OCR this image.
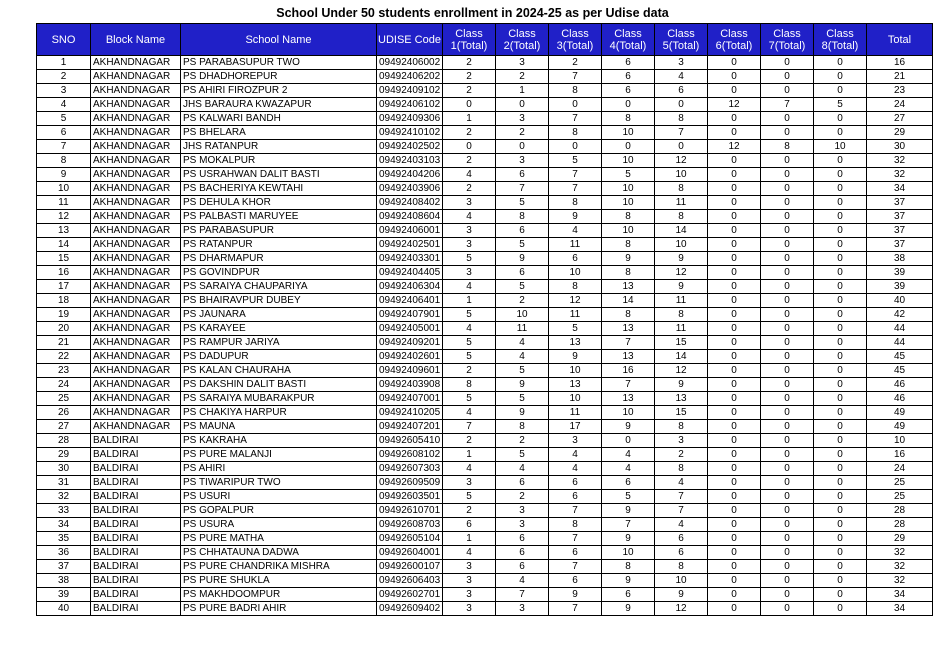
School Under 50 students enrollment in 2024-25 as per Udise data
SNO	Block Name	School Name	UDISE Code	Class 1(Total)	Class 2(Total)	Class 3(Total)	Class 4(Total)	Class 5(Total)	Class 6(Total)	Class 7(Total)	Class 8(Total)	Total
1	AKHANDNAGAR	PS PARABASUPUR TWO	09492406002	2	3	2	6	3	0	0	0	16
2	AKHANDNAGAR	PS DHADHOREPUR	09492406202	2	2	7	6	4	0	0	0	21
3	AKHANDNAGAR	PS AHIRI FIROZPUR 2	09492409102	2	1	8	6	6	0	0	0	23
4	AKHANDNAGAR	JHS BARAURA KWAZAPUR	09492406102	0	0	0	0	0	12	7	5	24
5	AKHANDNAGAR	PS KALWARI BANDH	09492409306	1	3	7	8	8	0	0	0	27
6	AKHANDNAGAR	PS BHELARA	09492410102	2	2	8	10	7	0	0	0	29
7	AKHANDNAGAR	JHS RATANPUR	09492402502	0	0	0	0	0	12	8	10	30
8	AKHANDNAGAR	PS MOKALPUR	09492403103	2	3	5	10	12	0	0	0	32
9	AKHANDNAGAR	PS USRAHWAN DALIT BASTI	09492404206	4	6	7	5	10	0	0	0	32
10	AKHANDNAGAR	PS BACHERIYA KEWTAHI	09492403906	2	7	7	10	8	0	0	0	34
11	AKHANDNAGAR	PS DEHULA KHOR	09492408402	3	5	8	10	11	0	0	0	37
12	AKHANDNAGAR	PS PALBASTI MARUYEE	09492408604	4	8	9	8	8	0	0	0	37
13	AKHANDNAGAR	PS PARABASUPUR	09492406001	3	6	4	10	14	0	0	0	37
14	AKHANDNAGAR	PS RATANPUR	09492402501	3	5	11	8	10	0	0	0	37
15	AKHANDNAGAR	PS DHARMAPUR	09492403301	5	9	6	9	9	0	0	0	38
16	AKHANDNAGAR	PS GOVINDPUR	09492404405	3	6	10	8	12	0	0	0	39
17	AKHANDNAGAR	PS SARAIYA CHAUPARIYA	09492406304	4	5	8	13	9	0	0	0	39
18	AKHANDNAGAR	PS BHAIRAVPUR DUBEY	09492406401	1	2	12	14	11	0	0	0	40
19	AKHANDNAGAR	PS JAUNARA	09492407901	5	10	11	8	8	0	0	0	42
20	AKHANDNAGAR	PS KARAYEE	09492405001	4	11	5	13	11	0	0	0	44
21	AKHANDNAGAR	PS RAMPUR JARIYA	09492409201	5	4	13	7	15	0	0	0	44
22	AKHANDNAGAR	PS DADUPUR	09492402601	5	4	9	13	14	0	0	0	45
23	AKHANDNAGAR	PS KALAN CHAURAHA	09492409601	2	5	10	16	12	0	0	0	45
24	AKHANDNAGAR	PS DAKSHIN DALIT BASTI	09492403908	8	9	13	7	9	0	0	0	46
25	AKHANDNAGAR	PS SARAIYA MUBARAKPUR	09492407001	5	5	10	13	13	0	0	0	46
26	AKHANDNAGAR	PS CHAKIYA HARPUR	09492410205	4	9	11	10	15	0	0	0	49
27	AKHANDNAGAR	PS MAUNA	09492407201	7	8	17	9	8	0	0	0	49
28	BALDIRAI	PS KAKRAHA	09492605410	2	2	3	0	3	0	0	0	10
29	BALDIRAI	PS PURE MALANJI	09492608102	1	5	4	4	2	0	0	0	16
30	BALDIRAI	PS AHIRI	09492607303	4	4	4	4	8	0	0	0	24
31	BALDIRAI	PS TIWARIPUR TWO	09492609509	3	6	6	6	4	0	0	0	25
32	BALDIRAI	PS USURI	09492603501	5	2	6	5	7	0	0	0	25
33	BALDIRAI	PS GOPALPUR	09492610701	2	3	7	9	7	0	0	0	28
34	BALDIRAI	PS USURA	09492608703	6	3	8	7	4	0	0	0	28
35	BALDIRAI	PS PURE MATHA	09492605104	1	6	7	9	6	0	0	0	29
36	BALDIRAI	PS CHHATAUNA DADWA	09492604001	4	6	6	10	6	0	0	0	32
37	BALDIRAI	PS PURE CHANDRIKA MISHRA	09492600107	3	6	7	8	8	0	0	0	32
38	BALDIRAI	PS PURE SHUKLA	09492606403	3	4	6	9	10	0	0	0	32
39	BALDIRAI	PS MAKHDOOMPUR	09492602701	3	7	9	6	9	0	0	0	34
40	BALDIRAI	PS PURE BADRI AHIR	09492609402	3	3	7	9	12	0	0	0	34
